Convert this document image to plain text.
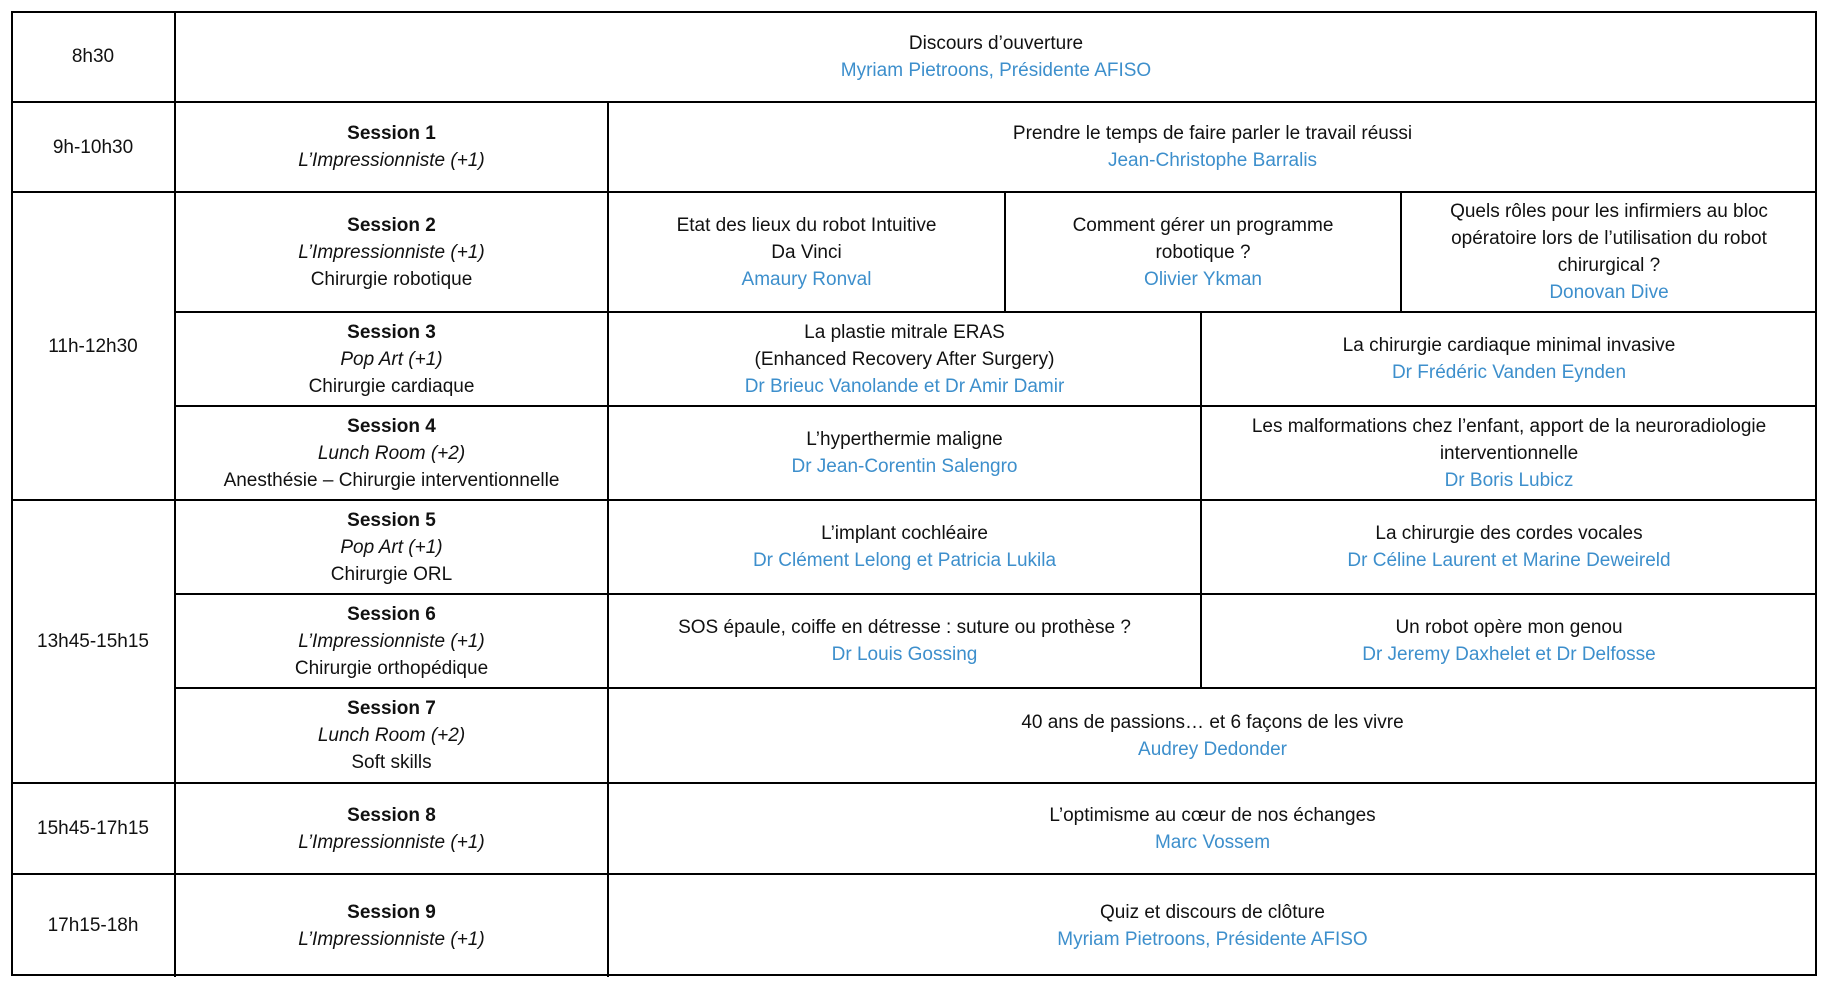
8h30
Discours d’ouverture
Myriam Pietroons, Présidente AFISO
9h-10h30
Session 1
L’Impressionniste (+1)
Prendre le temps de faire parler le travail réussi
Jean-Christophe Barralis
11h-12h30
Session 2
L’Impressionniste (+1)
Chirurgie robotique
Etat des lieux du robot Intuitive
Da Vinci
Amaury Ronval
Comment gérer un programme
robotique ?
Olivier Ykman
Quels rôles pour les infirmiers au bloc
opératoire lors de l’utilisation du robot
chirurgical ?
Donovan Dive
Session 3
Pop Art (+1)
Chirurgie cardiaque
La plastie mitrale ERAS
(Enhanced Recovery After Surgery)
Dr Brieuc Vanolande et Dr Amir Damir
La chirurgie cardiaque minimal invasive
Dr Frédéric Vanden Eynden
Session 4
Lunch Room (+2)
Anesthésie – Chirurgie interventionnelle
L’hyperthermie maligne
Dr Jean-Corentin Salengro
Les malformations chez l’enfant, apport de la neuroradiologie
interventionnelle
Dr Boris Lubicz
13h45-15h15
Session 5
Pop Art (+1)
Chirurgie ORL
L’implant cochléaire
Dr Clément Lelong et Patricia Lukila
La chirurgie des cordes vocales
Dr Céline Laurent et Marine Deweireld
Session 6
L’Impressionniste (+1)
Chirurgie orthopédique
SOS épaule, coiffe en détresse : suture ou prothèse ?
Dr Louis Gossing
Un robot opère mon genou
Dr Jeremy Daxhelet et Dr Delfosse
Session 7
Lunch Room (+2)
Soft skills
40 ans de passions… et 6 façons de les vivre
Audrey Dedonder
15h45-17h15
Session 8
L’Impressionniste (+1)
L’optimisme au cœur de nos échanges
Marc Vossem
17h15-18h
Session 9
L’Impressionniste (+1)
Quiz et discours de clôture
Myriam Pietroons, Présidente AFISO
